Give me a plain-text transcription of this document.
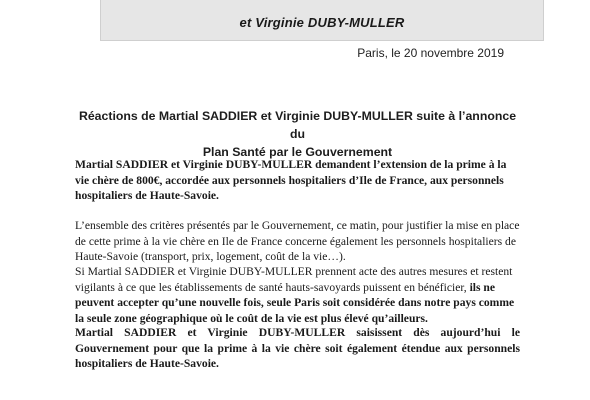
et Virginie DUBY-MULLER
Paris, le 20 novembre 2019
Réactions de Martial SADDIER et Virginie DUBY-MULLER suite à l’annonce du
Plan Santé par le Gouvernement

Martial SADDIER et Virginie DUBY-MULLER demandent l’extension de la prime à la vie chère de 800€, accordée aux personnels hospitaliers d’Ile de France, aux personnels hospitaliers de Haute-Savoie.

L’ensemble des critères présentés par le Gouvernement, ce matin, pour justifier la mise en place de cette prime à la vie chère en Ile de France concerne également les personnels hospitaliers de Haute-Savoie (transport, prix, logement, coût de la vie…).

Si Martial SADDIER et Virginie DUBY-MULLER prennent acte des autres mesures et restent vigilants à ce que les établissements de santé hauts-savoyards puissent en bénéficier, ils ne peuvent accepter qu’une nouvelle fois, seule Paris soit considérée dans notre pays comme la seule zone géographique où le coût de la vie est plus élevé qu’ailleurs.

Martial SADDIER et Virginie DUBY-MULLER saisissent dès aujourd’hui le Gouvernement pour que la prime à la vie chère soit également étendue aux personnels hospitaliers de Haute-Savoie.
